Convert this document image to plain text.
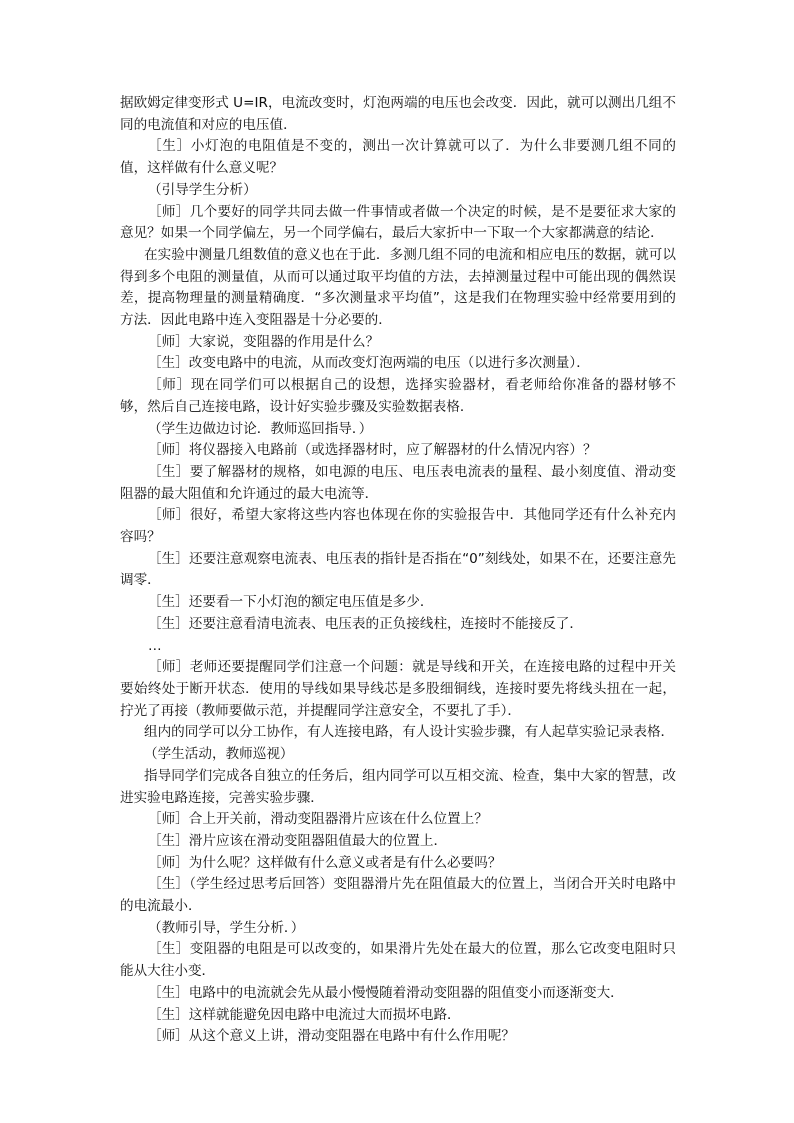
据欧姆定律变形式 U=IR，电流改变时，灯泡两端的电压也会改变．因此，就可以测出几组不同的电流值和对应的电压值．

［生］小灯泡的电阻值是不变的，测出一次计算就可以了．为什么非要测几组不同的值，这样做有什么意义呢？

（引导学生分析）

［师］几个要好的同学共同去做一件事情或者做一个决定的时候，是不是要征求大家的意见？如果一个同学偏左，另一个同学偏右，最后大家折中一下取一个大家都满意的结论．

在实验中测量几组数值的意义也在于此．多测几组不同的电流和相应电压的数据，就可以得到多个电阻的测量值，从而可以通过取平均值的方法，去掉测量过程中可能出现的偶然误差，提高物理量的测量精确度．“多次测量求平均值”，这是我们在物理实验中经常要用到的方法．因此电路中连入变阻器是十分必要的．

［师］大家说，变阻器的作用是什么？

［生］改变电路中的电流，从而改变灯泡两端的电压（以进行多次测量）．

［师］现在同学们可以根据自己的设想，选择实验器材，看老师给你准备的器材够不够，然后自己连接电路，设计好实验步骤及实验数据表格．

（学生边做边讨论．教师巡回指导．）

［师］将仪器接入电路前（或选择器材时，应了解器材的什么情况内容）？

［生］要了解器材的规格，如电源的电压、电压表电流表的量程、最小刻度值、滑动变阻器的最大阻值和允许通过的最大电流等．

［师］很好，希望大家将这些内容也体现在你的实验报告中．其他同学还有什么补充内容吗？

［生］还要注意观察电流表、电压表的指针是否指在“0”刻线处，如果不在，还要注意先调零．

［生］还要看一下小灯泡的额定电压值是多少．

［生］还要注意看清电流表、电压表的正负接线柱，连接时不能接反了．

…

［师］老师还要提醒同学们注意一个问题：就是导线和开关，在连接电路的过程中开关要始终处于断开状态．使用的导线如果导线芯是多股细铜线，连接时要先将线头扭在一起，拧光了再接（教师要做示范，并提醒同学注意安全，不要扎了手）．

组内的同学可以分工协作，有人连接电路，有人设计实验步骤，有人起草实验记录表格．

（学生活动，教师巡视）

指导同学们完成各自独立的任务后，组内同学可以互相交流、检查，集中大家的智慧，改进实验电路连接，完善实验步骤．

［师］合上开关前，滑动变阻器滑片应该在什么位置上？

［生］滑片应该在滑动变阻器阻值最大的位置上．

［师］为什么呢？这样做有什么意义或者是有什么必要吗？

［生］（学生经过思考后回答）变阻器滑片先在阻值最大的位置上，当闭合开关时电路中的电流最小．

（教师引导，学生分析．）

［生］变阻器的电阻是可以改变的，如果滑片先处在最大的位置，那么它改变电阻时只能从大往小变．

［生］电路中的电流就会先从最小慢慢随着滑动变阻器的阻值变小而逐渐变大．

［生］这样就能避免因电路中电流过大而损坏电路．

［师］从这个意义上讲，滑动变阻器在电路中有什么作用呢？
